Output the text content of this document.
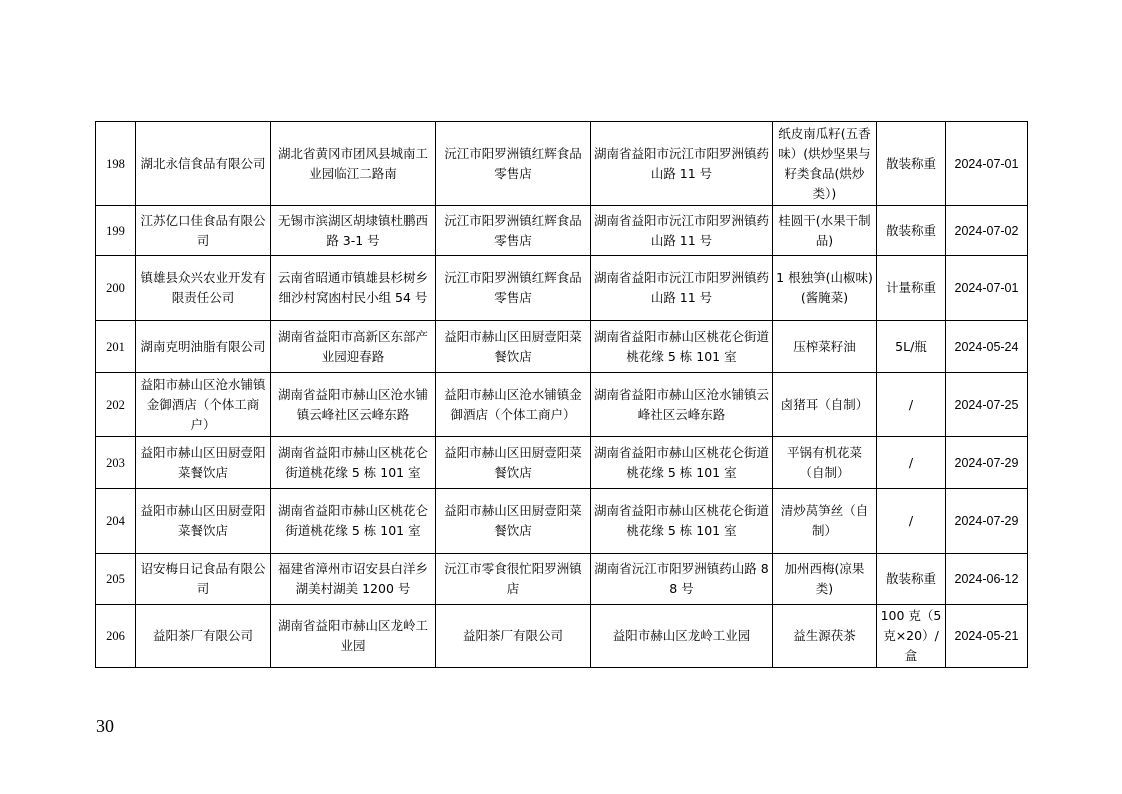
198	湖北永信食品有限公司	湖北省黄冈市团风县城南工业园临江二路南	沅江市阳罗洲镇红辉食品零售店	湖南省益阳市沅江市阳罗洲镇药山路 11 号	纸皮南瓜籽(五香味）(烘炒坚果与籽类食品(烘炒类）)	散装称重	2024-07-01
199	江苏亿口佳食品有限公司	无锡市滨湖区胡埭镇杜鹏西路 3-1 号	沅江市阳罗洲镇红辉食品零售店	湖南省益阳市沅江市阳罗洲镇药山路 11 号	桂圆干(水果干制品)	散装称重	2024-07-02
200	镇雄县众兴农业开发有限责任公司	云南省昭通市镇雄县杉树乡细沙村窝凼村民小组 54 号	沅江市阳罗洲镇红辉食品零售店	湖南省益阳市沅江市阳罗洲镇药山路 11 号	1 根独笋(山椒味)(酱腌菜)	计量称重	2024-07-01
201	湖南克明油脂有限公司	湖南省益阳市高新区东部产业园迎春路	益阳市赫山区田厨壹阳菜餐饮店	湖南省益阳市赫山区桃花仑街道桃花缘 5 栋 101 室	压榨菜籽油	5L/瓶	2024-05-24
202	益阳市赫山区沧水铺镇金御酒店（个体工商户）	湖南省益阳市赫山区沧水铺镇云峰社区云峰东路	益阳市赫山区沧水铺镇金御酒店（个体工商户）	湖南省益阳市赫山区沧水铺镇云峰社区云峰东路	卤猪耳（自制）	/	2024-07-25
203	益阳市赫山区田厨壹阳菜餐饮店	湖南省益阳市赫山区桃花仑街道桃花缘 5 栋 101 室	益阳市赫山区田厨壹阳菜餐饮店	湖南省益阳市赫山区桃花仑街道桃花缘 5 栋 101 室	平锅有机花菜（自制）	/	2024-07-29
204	益阳市赫山区田厨壹阳菜餐饮店	湖南省益阳市赫山区桃花仑街道桃花缘 5 栋 101 室	益阳市赫山区田厨壹阳菜餐饮店	湖南省益阳市赫山区桃花仑街道桃花缘 5 栋 101 室	清炒莴笋丝（自制）	/	2024-07-29
205	诏安梅日记食品有限公司	福建省漳州市诏安县白洋乡湖美村湖美 1200 号	沅江市零食很忙阳罗洲镇店	湖南省沅江市阳罗洲镇药山路 88 号	加州西梅(凉果类)	散装称重	2024-06-12
206	益阳茶厂有限公司	湖南省益阳市赫山区龙岭工业园	益阳茶厂有限公司	益阳市赫山区龙岭工业园	益生源茯茶	100 克（5 克×20）/盒	2024-05-21
30
